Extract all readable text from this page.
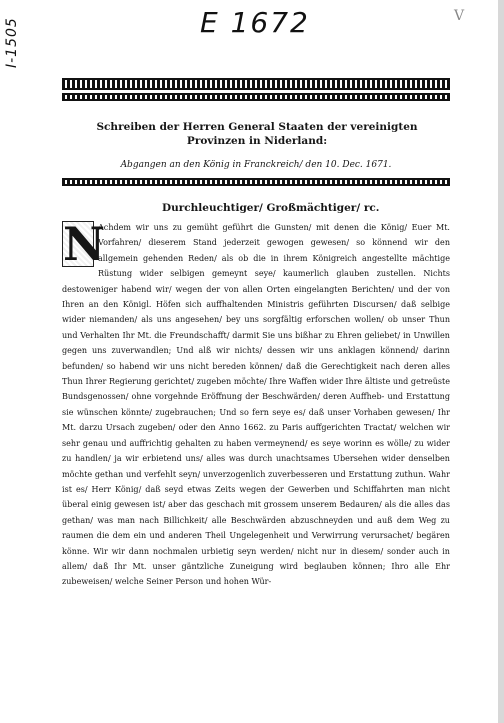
I-1505	E 1672	V
Schreiben der Herren General Staaten der vereinigten Provinzen in Niderland:
Abgangen an den König in Franckreich/ den 10. Dec. 1671.
Durchleuchtiger/ Großmächtiger/ rc.
N
Achdem wir uns zu gemüht geführt die Gunsten/ mit denen die König/ Euer Mt. Vorfahren/ dieserem Stand jederzeit gewogen gewesen/ so könnend wir den allgemein gehenden Reden/ als ob die in ihrem Königreich angestellte mächtige Rüstung wider selbigen gemeynt seye/ kaumerlich glauben zustellen. Nichts destoweniger habend wir/ wegen der von allen Orten eingelangten Berichten/ und der von Ihren an den Königl. Höfen sich auffhaltenden Ministris geführten Discursen/ daß selbige wider niemanden/ als uns angesehen/ bey uns sorgfältig erforschen wollen/ ob unser Thun und Verhalten Ihr Mt. die Freundschafft/ darmit Sie uns bißhar zu Ehren geliebet/ in Unwillen gegen uns zuverwandlen; Und alß wir nichts/ dessen wir uns anklagen könnend/ darinn befunden/ so habend wir uns nicht bereden können/ daß die Gerechtigkeit nach deren alles Thun Ihrer Regierung gerichtet/ zugeben möchte/ Ihre Waffen wider Ihre ältiste und getreüste Bundsgenossen/ ohne vorgehnde Eröffnung der Beschwärden/ deren Auffheb- und Erstattung sie wünschen könnte/ zugebrauchen; Und so fern seye es/ daß unser Vorhaben gewesen/ Ihr Mt. darzu Ursach zugeben/ oder den Anno 1662. zu Paris auffgerichten Tractat/ welchen wir sehr genau und auffrichtig gehalten zu haben vermeynend/ es seye worinn es wölle/ zu wider zu handlen/ ja wir erbietend uns/ alles was durch unachtsames Ubersehen wider denselben möchte gethan und verfehlt seyn/ unverzogenlich zuverbesseren und Erstattung zuthun. Wahr ist es/ Herr König/ daß seyd etwas Zeits wegen der Gewerben und Schiffahrten man nicht überal einig gewesen ist/ aber das geschach mit grossem unserem Bedauren/ als die alles das gethan/ was man nach Billichkeit/ alle Beschwärden abzuschneyden und auß dem Weg zu raumen die dem ein und anderen Theil Ungelegenheit und Verwirrung verursachet/ begären könne. Wir wir dann nochmalen urbietig seyn werden/ nicht nur in diesem/ sonder auch in allem/ daß Ihr Mt. unser gäntzliche Zuneigung wird beglauben können; Ihro alle Ehr zubeweisen/ welche Seiner Person und hohen Wür-
